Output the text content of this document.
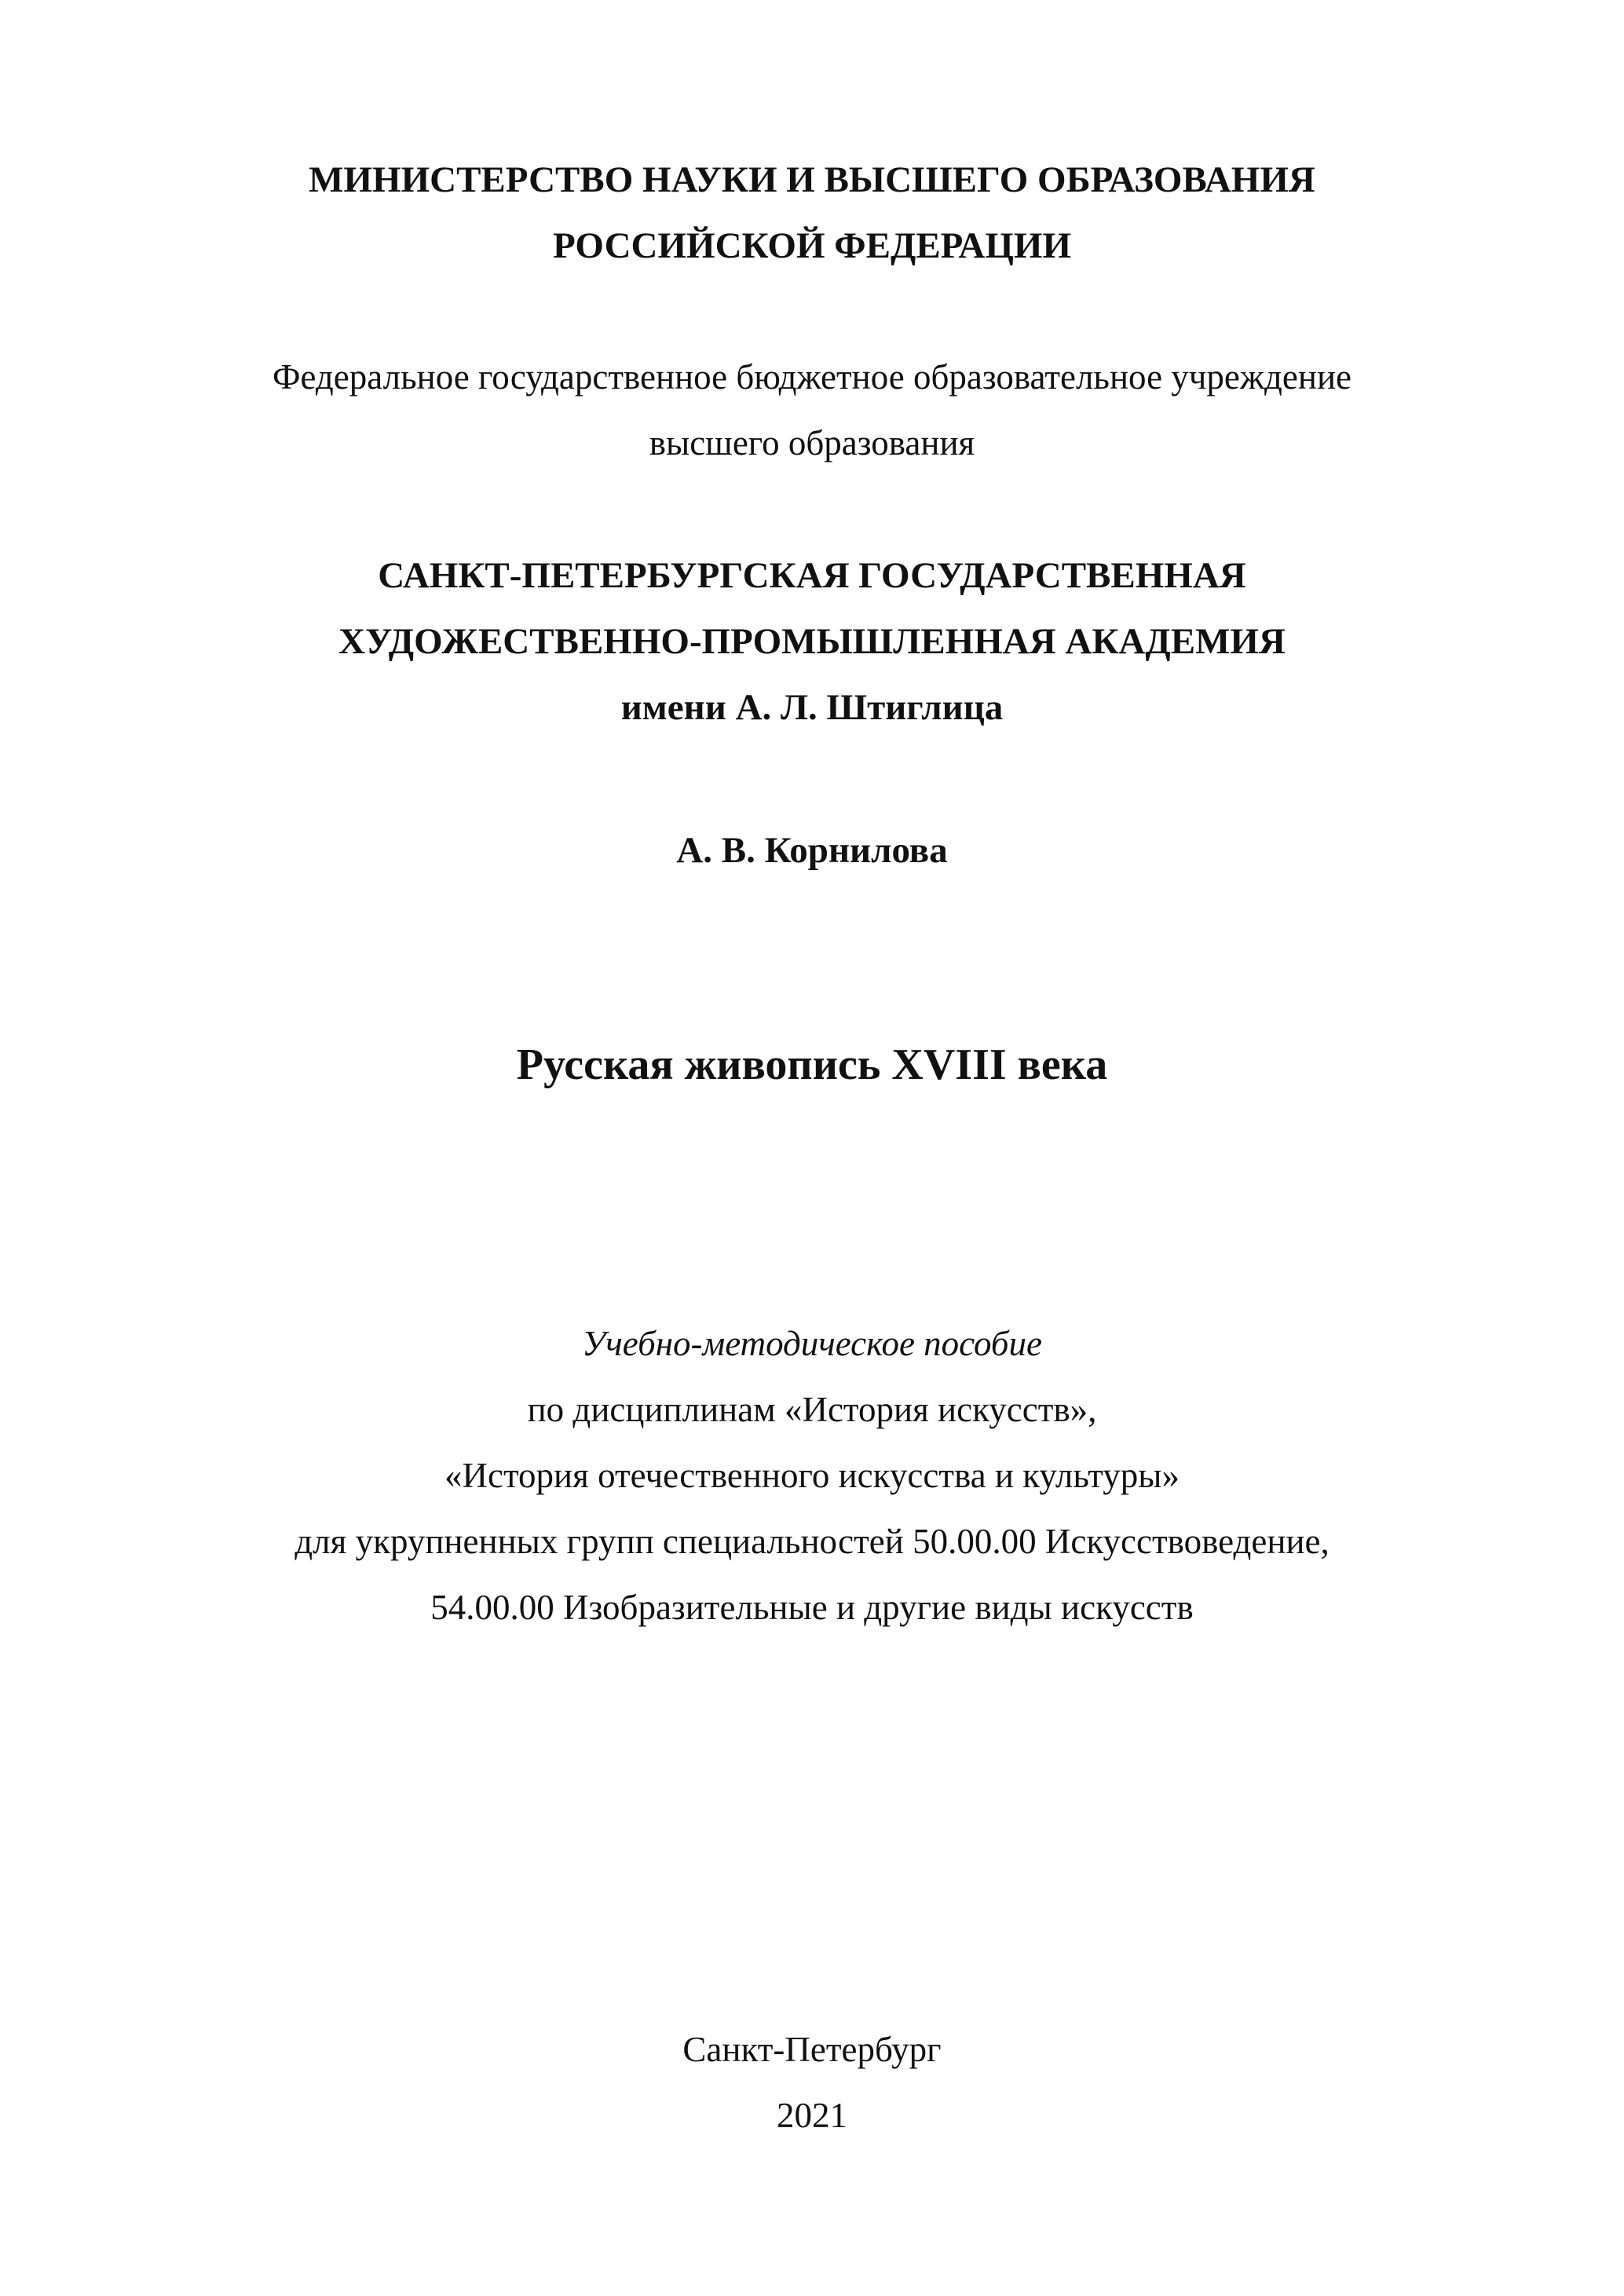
МИНИСТЕРСТВО НАУКИ И ВЫСШЕГО ОБРАЗОВАНИЯ
РОССИЙСКОЙ ФЕДЕРАЦИИ
Федеральное государственное бюджетное образовательное учреждение
высшего образования
САНКТ-ПЕТЕРБУРГСКАЯ ГОСУДАРСТВЕННАЯ
ХУДОЖЕСТВЕННО-ПРОМЫШЛЕННАЯ АКАДЕМИЯ
имени А. Л. Штиглица
А. В. Корнилова
Русская живопись XVIII века
Учебно-методическое пособие
по дисциплинам «История искусств»,
«История отечественного искусства и культуры»
для укрупненных групп специальностей 50.00.00 Искусствоведение,
54.00.00 Изобразительные и другие виды искусств
Санкт-Петербург
2021
